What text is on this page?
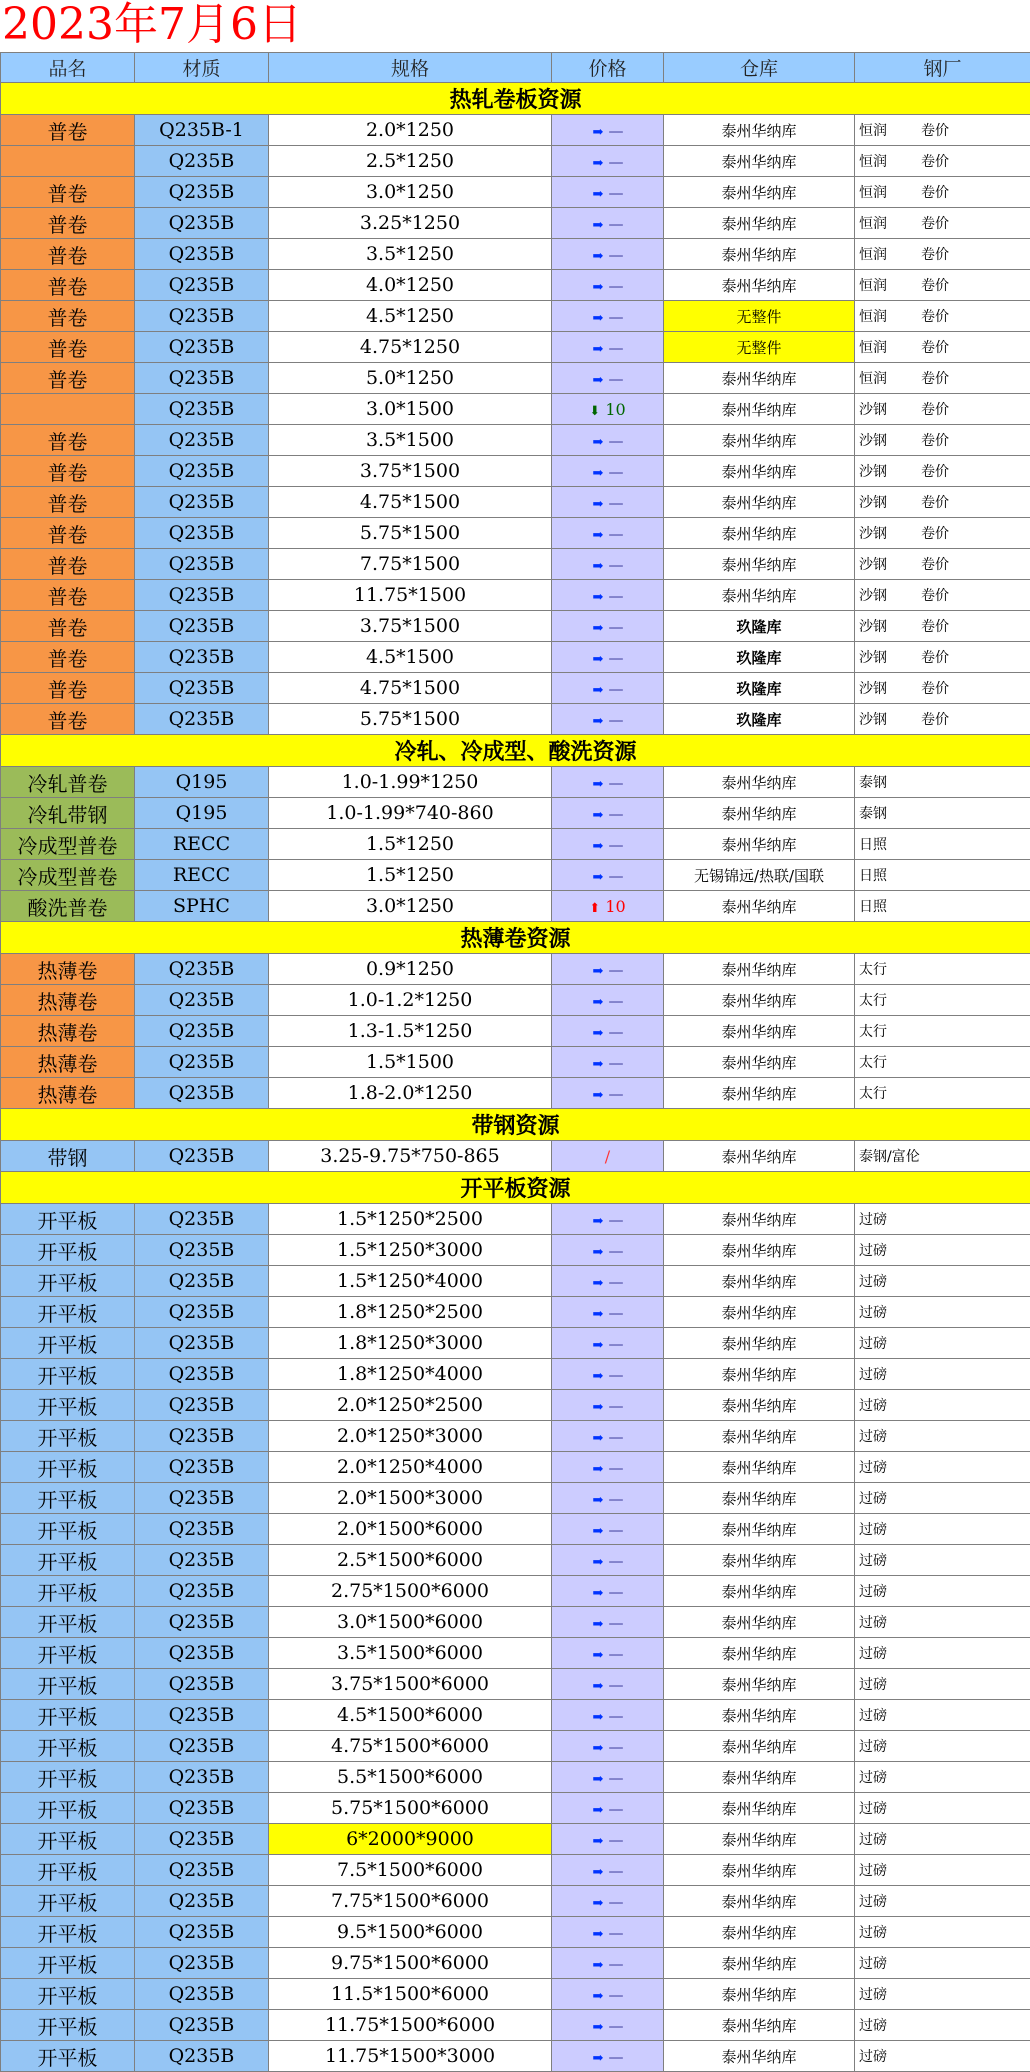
2023年7月6日
品名	材质	规格	价格	仓库	钢厂
热轧卷板资源					
普卷	Q235B-1	2.0*1250	➡ —	泰州华纳库	恒润 卷价
	Q235B	2.5*1250	➡ —	泰州华纳库	恒润 卷价
普卷	Q235B	3.0*1250	➡ —	泰州华纳库	恒润 卷价
普卷	Q235B	3.25*1250	➡ —	泰州华纳库	恒润 卷价
普卷	Q235B	3.5*1250	➡ —	泰州华纳库	恒润 卷价
普卷	Q235B	4.0*1250	➡ —	泰州华纳库	恒润 卷价
普卷	Q235B	4.5*1250	➡ —	无整件	恒润 卷价
普卷	Q235B	4.75*1250	➡ —	无整件	恒润 卷价
普卷	Q235B	5.0*1250	➡ —	泰州华纳库	恒润 卷价
	Q235B	3.0*1500	⬇ 10	泰州华纳库	沙钢 卷价
普卷	Q235B	3.5*1500	➡ —	泰州华纳库	沙钢 卷价
普卷	Q235B	3.75*1500	➡ —	泰州华纳库	沙钢 卷价
普卷	Q235B	4.75*1500	➡ —	泰州华纳库	沙钢 卷价
普卷	Q235B	5.75*1500	➡ —	泰州华纳库	沙钢 卷价
普卷	Q235B	7.75*1500	➡ —	泰州华纳库	沙钢 卷价
普卷	Q235B	11.75*1500	➡ —	泰州华纳库	沙钢 卷价
普卷	Q235B	3.75*1500	➡ —	玖隆库	沙钢 卷价
普卷	Q235B	4.5*1500	➡ —	玖隆库	沙钢 卷价
普卷	Q235B	4.75*1500	➡ —	玖隆库	沙钢 卷价
普卷	Q235B	5.75*1500	➡ —	玖隆库	沙钢 卷价
冷轧、冷成型、酸洗资源					
冷轧普卷	Q195	1.0-1.99*1250	➡ —	泰州华纳库	泰钢
冷轧带钢	Q195	1.0-1.99*740-860	➡ —	泰州华纳库	泰钢
冷成型普卷	RECC	1.5*1250	➡ —	泰州华纳库	日照
冷成型普卷	RECC	1.5*1250	➡ —	无锡锦远/热联/国联	日照
酸洗普卷	SPHC	3.0*1250	⬆ 10	泰州华纳库	日照
热薄卷资源					
热薄卷	Q235B	0.9*1250	➡ —	泰州华纳库	太行
热薄卷	Q235B	1.0-1.2*1250	➡ —	泰州华纳库	太行
热薄卷	Q235B	1.3-1.5*1250	➡ —	泰州华纳库	太行
热薄卷	Q235B	1.5*1500	➡ —	泰州华纳库	太行
热薄卷	Q235B	1.8-2.0*1250	➡ —	泰州华纳库	太行
带钢资源					
带钢	Q235B	3.25-9.75*750-865	/	泰州华纳库	泰钢/富伦
开平板资源					
开平板	Q235B	1.5*1250*2500	➡ —	泰州华纳库	过磅
开平板	Q235B	1.5*1250*3000	➡ —	泰州华纳库	过磅
开平板	Q235B	1.5*1250*4000	➡ —	泰州华纳库	过磅
开平板	Q235B	1.8*1250*2500	➡ —	泰州华纳库	过磅
开平板	Q235B	1.8*1250*3000	➡ —	泰州华纳库	过磅
开平板	Q235B	1.8*1250*4000	➡ —	泰州华纳库	过磅
开平板	Q235B	2.0*1250*2500	➡ —	泰州华纳库	过磅
开平板	Q235B	2.0*1250*3000	➡ —	泰州华纳库	过磅
开平板	Q235B	2.0*1250*4000	➡ —	泰州华纳库	过磅
开平板	Q235B	2.0*1500*3000	➡ —	泰州华纳库	过磅
开平板	Q235B	2.0*1500*6000	➡ —	泰州华纳库	过磅
开平板	Q235B	2.5*1500*6000	➡ —	泰州华纳库	过磅
开平板	Q235B	2.75*1500*6000	➡ —	泰州华纳库	过磅
开平板	Q235B	3.0*1500*6000	➡ —	泰州华纳库	过磅
开平板	Q235B	3.5*1500*6000	➡ —	泰州华纳库	过磅
开平板	Q235B	3.75*1500*6000	➡ —	泰州华纳库	过磅
开平板	Q235B	4.5*1500*6000	➡ —	泰州华纳库	过磅
开平板	Q235B	4.75*1500*6000	➡ —	泰州华纳库	过磅
开平板	Q235B	5.5*1500*6000	➡ —	泰州华纳库	过磅
开平板	Q235B	5.75*1500*6000	➡ —	泰州华纳库	过磅
开平板	Q235B	6*2000*9000	➡ —	泰州华纳库	过磅
开平板	Q235B	7.5*1500*6000	➡ —	泰州华纳库	过磅
开平板	Q235B	7.75*1500*6000	➡ —	泰州华纳库	过磅
开平板	Q235B	9.5*1500*6000	➡ —	泰州华纳库	过磅
开平板	Q235B	9.75*1500*6000	➡ —	泰州华纳库	过磅
开平板	Q235B	11.5*1500*6000	➡ —	泰州华纳库	过磅
开平板	Q235B	11.75*1500*6000	➡ —	泰州华纳库	过磅
开平板	Q235B	11.75*1500*3000	➡ —	泰州华纳库	过磅
